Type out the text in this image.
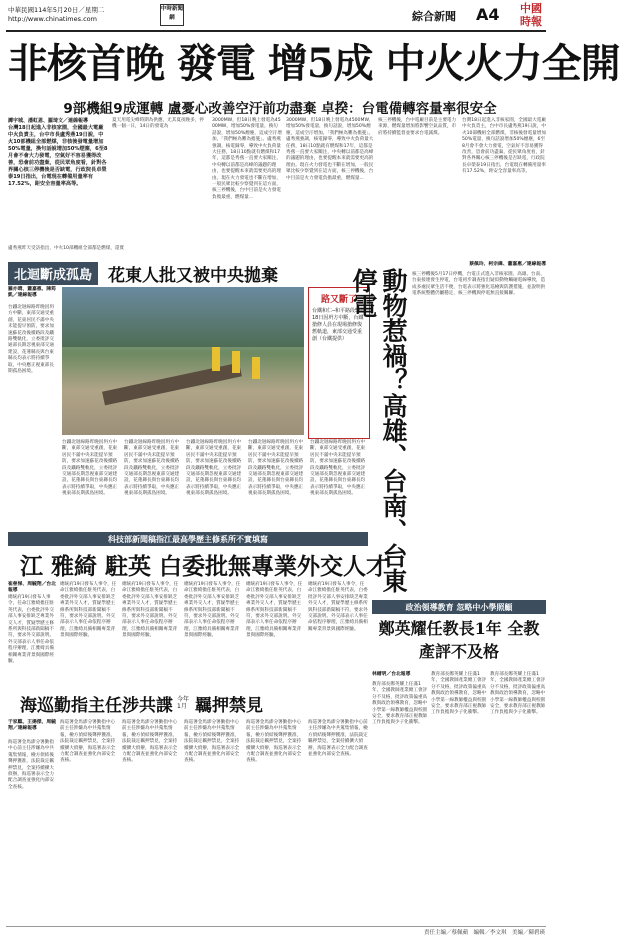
中華民國114年5月20日／星期二
http://www.chinatimes.com
中時新聞網	綜合新聞 A4	中國時報
非核首晚 發電 增5成 中火火力全開
9部機組9成運轉 盧憂心改善空汙前功盡棄 卓揆：台電備轉容量率很安全
譚宇城、潘虹恩、羅琦文／連線報導
台灣18日起進入非核家園，全國最大電廠中火負責主，台中市長盧秀燕19日說，中火10部機組全部燃煤，非核後發電量增加50%電量，換句話說增加50%煙塵，6至8月會不會大力發電，空氣好不容易獲得改善，恐會前功盡棄，從民眾角度看，針對各界關心核三停機後是否缺電，行政院長卓榮泰19日指出，台電現在轉備用量率有17.52%，距安全容量率高等。
盧秀燕昨天受訪指出，中火10部機組全部都是燃煤，還實
夏天用電尖峰時期為供應，尤其夏夜晚多，停機一個一日，14日的發電為
3000MW，但18日晚上發電為4500MW，增加50%發電量，換句話說，增加50%煙塵，這成空汙增加，「我們極為難為擔憂」。盧秀燕強調，核電歸零，導致中火負荷量大任務，18日10點就有燃煤和17年，這都是秀燕一直要大家關注，中央轉以前都是高峰的議題的理由，也要提醒本來就需要更高的理由。現在火力發電也不斷在增加，一般民眾比較少察覺到在這方面，核三停機後，台中目前是火力發電負擔最重，燃煤量...
3000MW，但18日晚上發電為4500MW，增加50%發電量，換句話說，增加50%煙塵，這成空汙增加，「我們極為難為擔憂」。盧秀燕強調，核電歸零，導致中火負荷量大任務，18日10點就有燃煤和17年，這都是秀燕一直要大家關注，中央轉以前都是高峰的議題的理由，也要提醒本來就需要更高的理由。現在火力發電也不斷在增加，一般民眾比較少察覺到在這方面，核三停機後，台中目前是火力發電負擔最重，燃煤量...
核三停機後，台中電廠目前是主要電力來源，燃煤量增加將影響空氣品質，市府將持續監督並要求台電減煤。
台灣18日起進入非核家園，全國最大電廠中火負責主，台中市長盧秀燕19日說，中火10部機組全部燃煤，非核後發電量增加50%電量，換句話說增加50%煙塵，6至8月會不會大力發電，空氣好不容易獲得改善，恐會前功盡棄，從民眾角度看，針對各界關心核三停機後是否缺電，行政院長卓榮泰19日指出，台電現在轉備用量率有17.52%，距安全容量率高等。
北迴斷成孤島 花東人批又被中央拋棄
羅亦晴、蕭嘉惠、陳筠凱／連線報導
台鐵北迴線路昨晚因坍方中斷，東部交通受重創，花東居民不滿中央未能提早預防，要求加速蘇花改後續路段及鐵路雙軌化，立委批評交通部長期忽視東部交通建設，花蓮縣長與台東縣長均表示將持續爭取，中央應正視東部長期孤島困境。
路又斷了
台鐵和仁─和平路段5月18日因坍方中斷，台鐵搶修人員在現場搶修復舊軌道，東部交通受重創（台鐵提供）
台鐵北迴線路昨晚因坍方中斷，東部交通受重創，花東居民不滿中央未能提早預防，要求加速蘇花改後續路段及鐵路雙軌化，立委批評交通部長期忽視東部交通建設，花蓮縣長與台東縣長均表示將持續爭取，中央應正視東部長期孤島困境。
台鐵北迴線路昨晚因坍方中斷，東部交通受重創，花東居民不滿中央未能提早預防，要求加速蘇花改後續路段及鐵路雙軌化，立委批評交通部長期忽視東部交通建設，花蓮縣長與台東縣長均表示將持續爭取，中央應正視東部長期孤島困境。
台鐵北迴線路昨晚因坍方中斷，東部交通受重創，花東居民不滿中央未能提早預防，要求加速蘇花改後續路段及鐵路雙軌化，立委批評交通部長期忽視東部交通建設，花蓮縣長與台東縣長均表示將持續爭取，中央應正視東部長期孤島困境。
台鐵北迴線路昨晚因坍方中斷，東部交通受重創，花東居民不滿中央未能提早預防，要求加速蘇花改後續路段及鐵路雙軌化，立委批評交通部長期忽視東部交通建設，花蓮縣長與台東縣長均表示將持續爭取，中央應正視東部長期孤島困境。
台鐵北迴線路昨晚因坍方中斷，東部交通受重創，花東居民不滿中央未能提早預防，要求加速蘇花改後續路段及鐵路雙軌化，立委批評交通部長期忽視東部交通建設，花蓮縣長與台東縣長均表示將持續爭取，中央應正視東部長期孤島困境。
科技部新聞稿指江最高學歷主修系所不實填寫
江 雅綺 駐英 白委批無專業外交人才
崔慈悌、周毓翔／台北報導
總統府19日發布人事令，任命江雅綺擔任駐英代表，白委批評外交部人事安排缺乏專業外交人才，質疑學歷主修系所與科技部新聞稿不符，要求外交部說明。外交部表示人事任命依程序辦理，江雅綺具備相關專業背景與國際經驗。
總統府19日發布人事令，任命江雅綺擔任駐英代表，白委批評外交部人事安排缺乏專業外交人才，質疑學歷主修系所與科技部新聞稿不符，要求外交部說明。外交部表示人事任命依程序辦理，江雅綺具備相關專業背景與國際經驗。
總統府19日發布人事令，任命江雅綺擔任駐英代表，白委批評外交部人事安排缺乏專業外交人才，質疑學歷主修系所與科技部新聞稿不符，要求外交部說明。外交部表示人事任命依程序辦理，江雅綺具備相關專業背景與國際經驗。
總統府19日發布人事令，任命江雅綺擔任駐英代表，白委批評外交部人事安排缺乏專業外交人才，質疑學歷主修系所與科技部新聞稿不符，要求外交部說明。外交部表示人事任命依程序辦理，江雅綺具備相關專業背景與國際經驗。
總統府19日發布人事令，任命江雅綺擔任駐英代表，白委批評外交部人事安排缺乏專業外交人才，質疑學歷主修系所與科技部新聞稿不符，要求外交部說明。外交部表示人事任命依程序辦理，江雅綺具備相關專業背景與國際經驗。
總統府19日發布人事令，任命江雅綺擔任駐英代表，白委批評外交部人事安排缺乏專業外交人才，質疑學歷主修系所與科技部新聞稿不符，要求外交部說明。外交部表示人事任命依程序辦理，江雅綺具備相關專業背景與國際經驗。
海巡勤指主任涉共諜 今年1月 羈押禁見
于家麒、王揚傑、周毓翔／連線報導
海巡署金馬澎分署勤指中心前主任涉嫌為中共蒐集情報，檢方偵結後聲押獲准，法院裁定羈押禁見，全案持續擴大偵辦，海巡署表示全力配合調查並強化內部安全查核。
海巡署金馬澎分署勤指中心前主任涉嫌為中共蒐集情報，檢方偵結後聲押獲准，法院裁定羈押禁見，全案持續擴大偵辦，海巡署表示全力配合調查並強化內部安全查核。
海巡署金馬澎分署勤指中心前主任涉嫌為中共蒐集情報，檢方偵結後聲押獲准，法院裁定羈押禁見，全案持續擴大偵辦，海巡署表示全力配合調查並強化內部安全查核。
海巡署金馬澎分署勤指中心前主任涉嫌為中共蒐集情報，檢方偵結後聲押獲准，法院裁定羈押禁見，全案持續擴大偵辦，海巡署表示全力配合調查並強化內部安全查核。
海巡署金馬澎分署勤指中心前主任涉嫌為中共蒐集情報，檢方偵結後聲押獲准，法院裁定羈押禁見，全案持續擴大偵辦，海巡署表示全力配合調查並強化內部安全查核。
海巡署金馬澎分署勤指中心前主任涉嫌為中共蒐集情報，檢方偵結後聲押獲准，法院裁定羈押禁見，全案持續擴大偵辦，海巡署表示全力配合調查並強化內部安全查核。
蔡佩玲、柯宗緯、蕭嘉惠／連線報導
動物惹禍？高雄、台南、台東停電	核三停機後5月17日停機，台電正式進入非核家園，高雄、台南、台東接連發生停電，台電初步調查指出疑似動物觸碰電線導致，造成多處民眾生活不便，台電表示將強化巡檢與防護措施，並說明供電系統整體仍屬穩定，核三停機與停電無直接關聯。
政治領導教育 忽略中小學照顧
鄭英耀任教長1年 全教產評不及格
林縉明／台北報導
教育部長鄭英耀上任滿1年，全國教師產業總工會評分不及格，批評政策偏重高教與政治領導教育，忽略中小學第一線教師權益與校園安全，要求教育部正視教師工作負擔與少子化衝擊。
教育部長鄭英耀上任滿1年，全國教師產業總工會評分不及格，批評政策偏重高教與政治領導教育，忽略中小學第一線教師權益與校園安全，要求教育部正視教師工作負擔與少子化衝擊。
教育部長鄭英耀上任滿1年，全國教師產業總工會評分不及格，批評政策偏重高教與政治領導教育，忽略中小學第一線教師權益與校園安全，要求教育部正視教師工作負擔與少子化衝擊。
責任主編／蔡佩蘋　編輯／李文琪　美編／陳碧瑛
